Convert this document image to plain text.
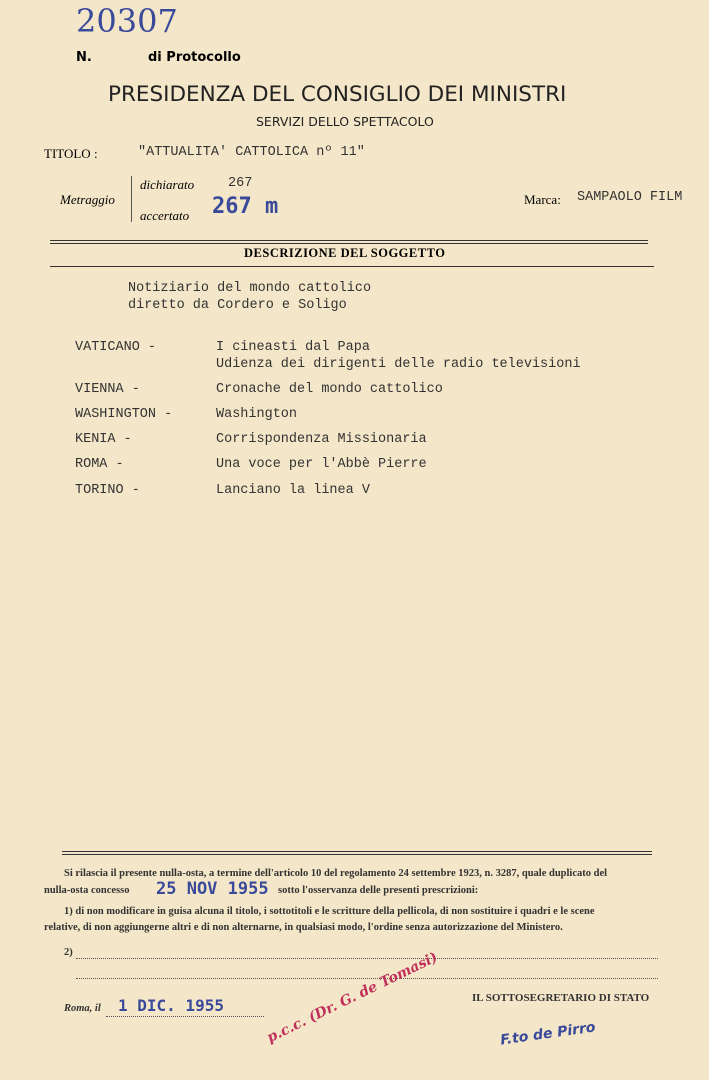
20307
N.	di Protocollo
PRESIDENZA DEL CONSIGLIO DEI MINISTRI
SERVIZI DELLO SPETTACOLO
TITOLO :	"ATTUALITA' CATTOLICA nº 11"
Metraggio
dichiarato	267
accertato 267 m	Marca: SAMPAOLO FILM
DESCRIZIONE DEL SOGGETTO
Notiziario del mondo cattolico
diretto da Cordero e Soligo
VATICANO -	I cineasti dal Papa
Udienza dei dirigenti delle radio televisioni
VIENNA -	Cronache del mondo cattolico
WASHINGTON -	Washington
KENIA -	Corrispondenza Missionaria
ROMA -	Una voce per l'Abbè Pierre
TORINO -	Lanciano la linea V
Si rilascia il presente nulla-osta, a termine dell'articolo 10 del regolamento 24 settembre 1923, n. 3287, quale duplicato del
nulla-osta concesso 25 NOV 1955 sotto l'osservanza delle presenti prescrizioni:
1) di non modificare in guisa alcuna il titolo, i sottotitoli e le scritture della pellicola, di non sostituire i quadri e le scene
relative, di non aggiungerne altri e di non alternarne, in qualsiasi modo, l'ordine senza autorizzazione del Ministero.
2)
Roma, il 1 DIC. 1955	p.c.c. (Dr. G. de Tomasi)	IL SOTTOSEGRETARIO DI STATO
F.to de Pirro
